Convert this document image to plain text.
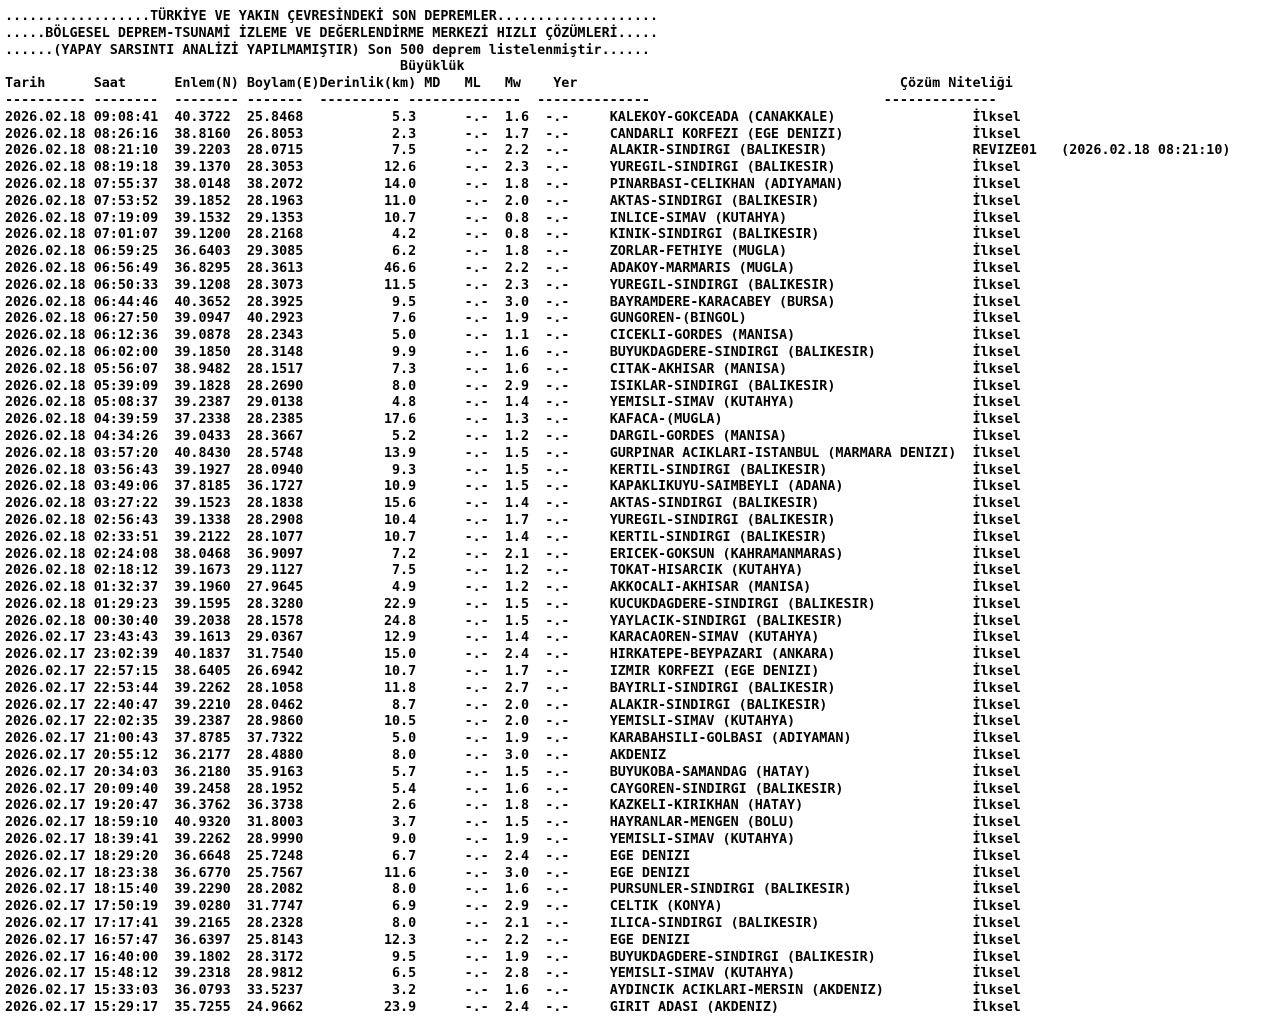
..................TÜRKİYE VE YAKIN ÇEVRESİNDEKİ SON DEPREMLER....................
.....BÖLGESEL DEPREM-TSUNAMİ İZLEME VE DEĞERLENDİRME MERKEZİ HIZLI ÇÖZÜMLERİ.....
......(YAPAY SARSINTI ANALİZİ YAPILMAMIŞTIR) Son 500 deprem listelenmiştir......
Büyüklük
Tarih	Saat	Enlem(N) Boylam(E)Derinlik(km) MD ML Mw Yer	Çözüm Niteliği
---------- -------- -------- ------- ---------- -------------- --------------	--------------
2026.02.18 09:08:41 40.3722 25.8468	5.3	-.- 1.6 -.-	KALEKOY-GOKCEADA (CANAKKALE)	İlksel
2026.02.18 08:26:16 38.8160 26.8053	2.3	-.- 1.7 -.-	CANDARLI KORFEZI (EGE DENIZI)	İlksel
2026.02.18 08:21:10 39.2203 28.0715	7.5	-.- 2.2 -.-	ALAKIR-SINDIRGI (BALIKESIR)	REVIZE01   (2026.02.18 08:21:10)
2026.02.18 08:19:18 39.1370 28.3053	12.6	-.- 2.3 -.-	YUREGIL-SINDIRGI (BALIKESIR)	İlksel
2026.02.18 07:55:37 38.0148 38.2072	14.0	-.- 1.8 -.-	PINARBASI-CELIKHAN (ADIYAMAN)	İlksel
2026.02.18 07:53:52 39.1852 28.1963	11.0	-.- 2.0 -.-	AKTAS-SINDIRGI (BALIKESIR)	İlksel
2026.02.18 07:19:09 39.1532 29.1353	10.7	-.- 0.8 -.-	INLICE-SIMAV (KUTAHYA)	İlksel
2026.02.18 07:01:07 39.1200 28.2168	4.2	-.- 0.8 -.-	KINIK-SINDIRGI (BALIKESIR)	İlksel
2026.02.18 06:59:25 36.6403 29.3085	6.2	-.- 1.8 -.-	ZORLAR-FETHIYE (MUGLA)	İlksel
2026.02.18 06:56:49 36.8295 28.3613	46.6	-.- 2.2 -.-	ADAKOY-MARMARIS (MUGLA)	İlksel
2026.02.18 06:50:33 39.1208 28.3073	11.5	-.- 2.3 -.-	YUREGIL-SINDIRGI (BALIKESIR)	İlksel
2026.02.18 06:44:46 40.3652 28.3925	9.5	-.- 3.0 -.-	BAYRAMDERE-KARACABEY (BURSA)	İlksel
2026.02.18 06:27:50 39.0947 40.2923	7.6	-.- 1.9 -.-	GUNGOREN-(BINGOL)	İlksel
2026.02.18 06:12:36 39.0878 28.2343	5.0	-.- 1.1 -.-	CICEKLI-GORDES (MANISA)	İlksel
2026.02.18 06:02:00 39.1850 28.3148	9.9	-.- 1.6 -.-	BUYUKDAGDERE-SINDIRGI (BALIKESIR)	İlksel
2026.02.18 05:56:07 38.9482 28.1517	7.3	-.- 1.6 -.-	CITAK-AKHISAR (MANISA)	İlksel
2026.02.18 05:39:09 39.1828 28.2690	8.0	-.- 2.9 -.-	ISIKLAR-SINDIRGI (BALIKESIR)	İlksel
2026.02.18 05:08:37 39.2387 29.0138	4.8	-.- 1.4 -.-	YEMISLI-SIMAV (KUTAHYA)	İlksel
2026.02.18 04:39:59 37.2338 28.2385	17.6	-.- 1.3 -.-	KAFACA-(MUGLA)	İlksel
2026.02.18 04:34:26 39.0433 28.3667	5.2	-.- 1.2 -.-	DARGIL-GORDES (MANISA)	İlksel
2026.02.18 03:57:20 40.8430 28.5748	13.9	-.- 1.5 -.-	GURPINAR ACIKLARI-ISTANBUL (MARMARA DENIZI) İlksel
2026.02.18 03:56:43 39.1927 28.0940	9.3	-.- 1.5 -.-	KERTIL-SINDIRGI (BALIKESIR)	İlksel
2026.02.18 03:49:06 37.8185 36.1727	10.9	-.- 1.5 -.-	KAPAKLIKUYU-SAIMBEYLI (ADANA)	İlksel
2026.02.18 03:27:22 39.1523 28.1838	15.6	-.- 1.4 -.-	AKTAS-SINDIRGI (BALIKESIR)	İlksel
2026.02.18 02:56:43 39.1338 28.2908	10.4	-.- 1.7 -.-	YUREGIL-SINDIRGI (BALIKESIR)	İlksel
2026.02.18 02:33:51 39.2122 28.1077	10.7	-.- 1.4 -.-	KERTIL-SINDIRGI (BALIKESIR)	İlksel
2026.02.18 02:24:08 38.0468 36.9097	7.2	-.- 2.1 -.-	ERICEK-GOKSUN (KAHRAMANMARAS)	İlksel
2026.02.18 02:18:12 39.1673 29.1127	7.5	-.- 1.2 -.-	TOKAT-HISARCIK (KUTAHYA)	İlksel
2026.02.18 01:32:37 39.1960 27.9645	4.9	-.- 1.2 -.-	AKKOCALI-AKHISAR (MANISA)	İlksel
2026.02.18 01:29:23 39.1595 28.3280	22.9	-.- 1.5 -.-	KUCUKDAGDERE-SINDIRGI (BALIKESIR)	İlksel
2026.02.18 00:30:40 39.2038 28.1578	24.8	-.- 1.5 -.-	YAYLACIK-SINDIRGI (BALIKESIR)	İlksel
2026.02.17 23:43:43 39.1613 29.0367	12.9	-.- 1.4 -.-	KARACAOREN-SIMAV (KUTAHYA)	İlksel
2026.02.17 23:02:39 40.1837 31.7540	15.0	-.- 2.4 -.-	HIRKATEPE-BEYPAZARI (ANKARA)	İlksel
2026.02.17 22:57:15 38.6405 26.6942	10.7	-.- 1.7 -.-	IZMIR KORFEZI (EGE DENIZI)	İlksel
2026.02.17 22:53:44 39.2262 28.1058	11.8	-.- 2.7 -.-	BAYIRLI-SINDIRGI (BALIKESIR)	İlksel
2026.02.17 22:40:47 39.2210 28.0462	8.7	-.- 2.0 -.-	ALAKIR-SINDIRGI (BALIKESIR)	İlksel
2026.02.17 22:02:35 39.2387 28.9860	10.5	-.- 2.0 -.-	YEMISLI-SIMAV (KUTAHYA)	İlksel
2026.02.17 21:00:43 37.8785 37.7322	5.0	-.- 1.9 -.-	KARABAHSILI-GOLBASI (ADIYAMAN)	İlksel
2026.02.17 20:55:12 36.2177 28.4880	8.0	-.- 3.0 -.-	AKDENIZ	İlksel
2026.02.17 20:34:03 36.2180 35.9163	5.7	-.- 1.5 -.-	BUYUKOBA-SAMANDAG (HATAY)	İlksel
2026.02.17 20:09:40 39.2458 28.1952	5.4	-.- 1.6 -.-	CAYGOREN-SINDIRGI (BALIKESIR)	İlksel
2026.02.17 19:20:47 36.3762 36.3738	2.6	-.- 1.8 -.-	KAZKELI-KIRIKHAN (HATAY)	İlksel
2026.02.17 18:59:10 40.9320 31.8003	3.7	-.- 1.5 -.-	HAYRANLAR-MENGEN (BOLU)	İlksel
2026.02.17 18:39:41 39.2262 28.9990	9.0	-.- 1.9 -.-	YEMISLI-SIMAV (KUTAHYA)	İlksel
2026.02.17 18:29:20 36.6648 25.7248	6.7	-.- 2.4 -.-	EGE DENIZI	İlksel
2026.02.17 18:23:38 36.6770 25.7567	11.6	-.- 3.0 -.-	EGE DENIZI	İlksel
2026.02.17 18:15:40 39.2290 28.2082	8.0	-.- 1.6 -.-	PURSUNLER-SINDIRGI (BALIKESIR)	İlksel
2026.02.17 17:50:19 39.0280 31.7747	6.9	-.- 2.9 -.-	CELTIK (KONYA)	İlksel
2026.02.17 17:17:41 39.2165 28.2328	8.0	-.- 2.1 -.-	ILICA-SINDIRGI (BALIKESIR)	İlksel
2026.02.17 16:57:47 36.6397 25.8143	12.3	-.- 2.2 -.-	EGE DENIZI	İlksel
2026.02.17 16:40:00 39.1802 28.3172	9.5	-.- 1.9 -.-	BUYUKDAGDERE-SINDIRGI (BALIKESIR)	İlksel
2026.02.17 15:48:12 39.2318 28.9812	6.5	-.- 2.8 -.-	YEMISLI-SIMAV (KUTAHYA)	İlksel
2026.02.17 15:33:03 36.0793 33.5237	3.2	-.- 1.6 -.-	AYDINCIK ACIKLARI-MERSIN (AKDENIZ)	İlksel
2026.02.17 15:29:17 35.7255 24.9662	23.9	-.- 2.4 -.-	GIRIT ADASI (AKDENIZ)	İlksel
